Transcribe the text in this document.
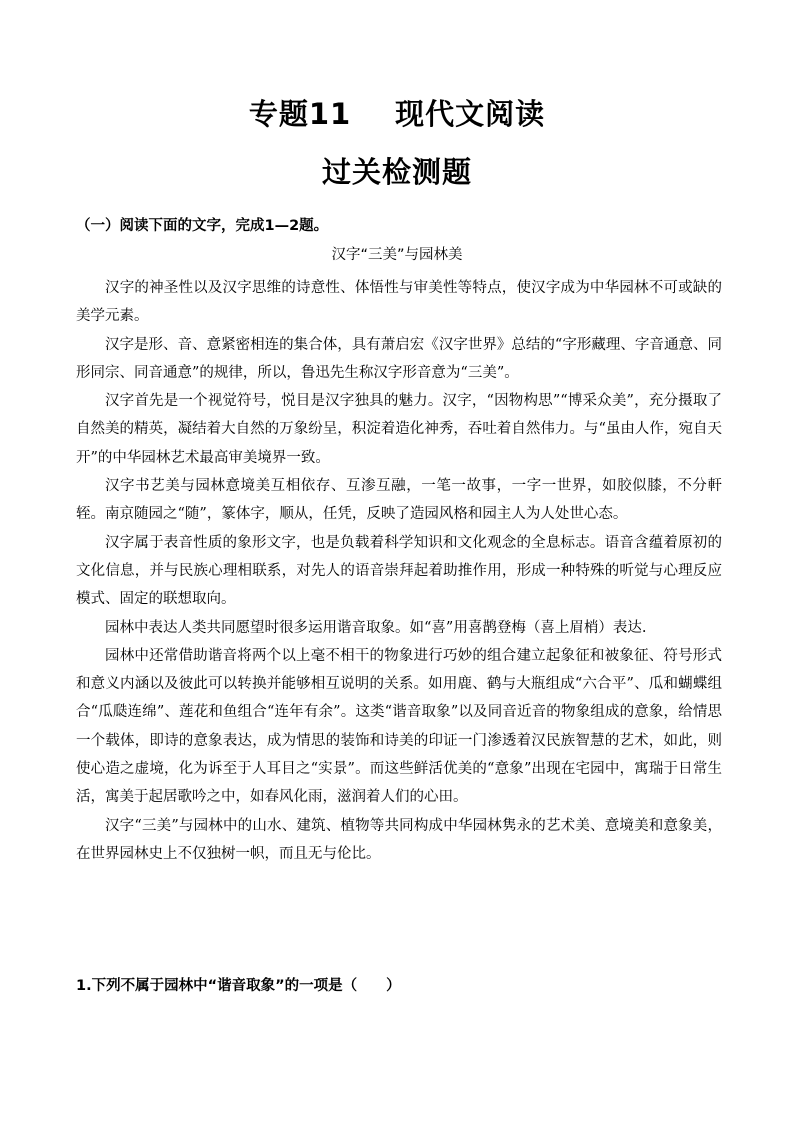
专题11 现代文阅读
过关检测题
（一）阅读下面的文字，完成1—2题。
汉字“三美”与园林美

汉字的神圣性以及汉字思维的诗意性、体悟性与审美性等特点，使汉字成为中华园林不可或缺的美学元素。

汉字是形、音、意紧密相连的集合体，具有萧启宏《汉字世界》总结的“字形藏理、字音通意、同形同宗、同音通意”的规律，所以，鲁迅先生称汉字形音意为“三美”。

汉字首先是一个视觉符号，悦目是汉字独具的魅力。汉字，“因物构思”“博采众美”，充分摄取了自然美的精英，凝结着大自然的万象纷呈，积淀着造化神秀，吞吐着自然伟力。与“虽由人作，宛自天开”的中华园林艺术最高审美境界一致。

汉字书艺美与园林意境美互相依存、互渗互融，一笔一故事，一字一世界，如胶似膝，不分軒轾。南京随园之“随”，篆体字，顺从，任凭，反映了造园风格和园主人为人处世心态。

汉字属于表音性质的象形文字，也是负载着科学知识和文化观念的全息标志。语音含蕴着原初的文化信息，并与民族心理相联系，对先人的语音崇拜起着助推作用，形成一种特殊的听觉与心理反应模式、固定的联想取向。

园林中表达人类共同愿望时很多运用谐音取象。如“喜”用喜鹊登梅（喜上眉梢）表达.

园林中还常借助谐音将两个以上毫不相干的物象进行巧妙的组合建立起象征和被象征、符号形式和意义内涵以及彼此可以转换并能够相互说明的关系。如用鹿、鹤与大瓶组成“六合平”、瓜和蝴蝶组合“瓜瓞连绵”、莲花和鱼组合“连年有余”。这类“谐音取象”以及同音近音的物象组成的意象，给情思一个载体，即诗的意象表达，成为情思的装饰和诗美的印证一门渗透着汉民族智慧的艺术，如此，则使心造之虚境，化为诉至于人耳目之“实景”。而这些鲜活优美的“意象”出现在宅园中，寓瑞于日常生活，寓美于起居歌吟之中，如春风化雨，滋润着人们的心田。

汉字“三美”与园林中的山水、建筑、植物等共同构成中华园林隽永的艺术美、意境美和意象美，在世界园林史上不仅独树一帜，而且无与伦比。

1.下列不属于园林中“谐音取象”的一项是（　　）
